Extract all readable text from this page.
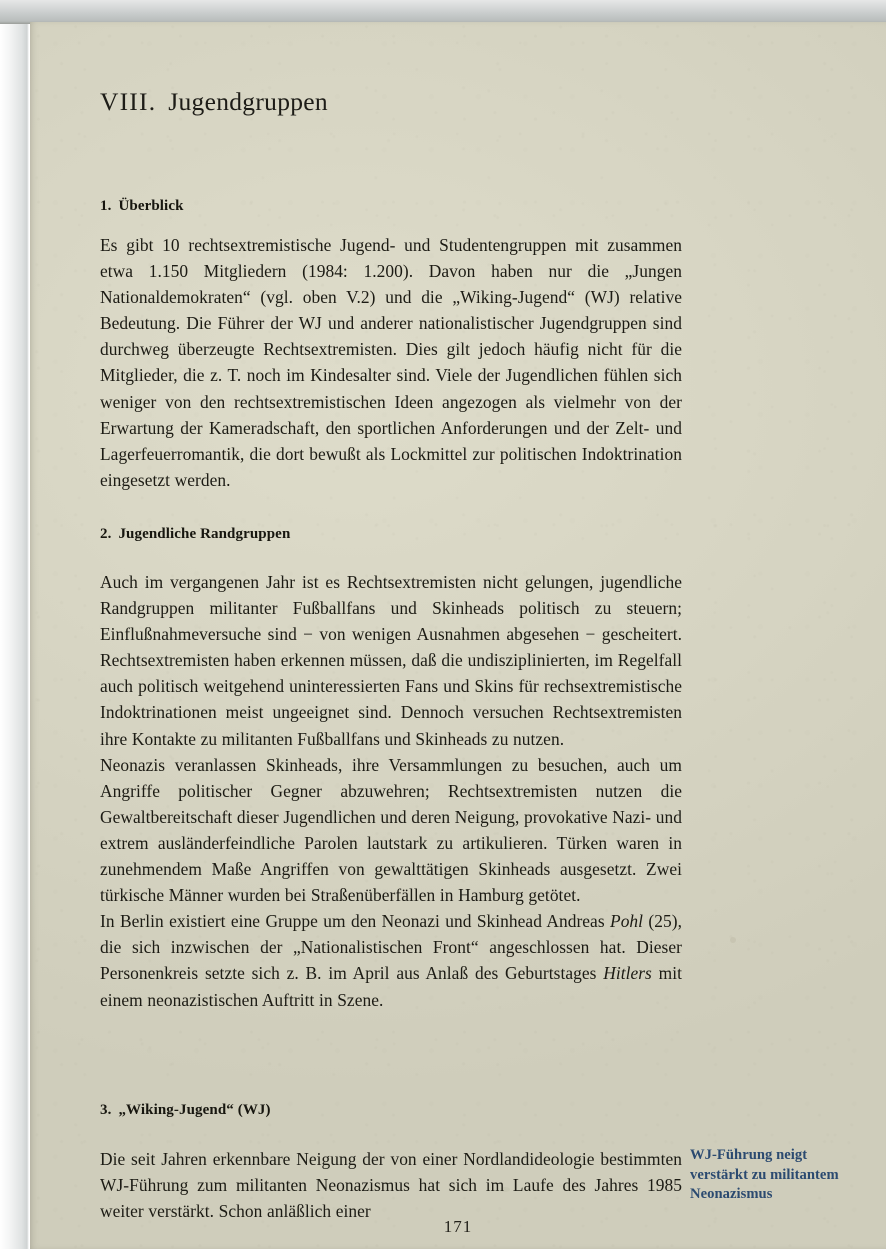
VIII. Jugendgruppen
1. Überblick

Es gibt 10 rechtsextremistische Jugend- und Studentengruppen mit zusammen etwa 1.150 Mitgliedern (1984: 1.200). Davon haben nur die „Jungen Nationaldemokraten“ (vgl. oben V.2) und die „Wiking-Jugend“ (WJ) relative Bedeutung. Die Führer der WJ und anderer nationalistischer Jugendgruppen sind durchweg überzeugte Rechtsextremisten. Dies gilt jedoch häufig nicht für die Mitglieder, die z. T. noch im Kindesalter sind. Viele der Jugendlichen fühlen sich weniger von den rechtsextremistischen Ideen angezogen als vielmehr von der Erwartung der Kameradschaft, den sportlichen Anforderungen und der Zelt- und Lagerfeuerromantik, die dort bewußt als Lockmittel zur politischen Indoktrination eingesetzt werden.

2. Jugendliche Randgruppen

Auch im vergangenen Jahr ist es Rechtsextremisten nicht gelungen, jugendliche Randgruppen militanter Fußballfans und Skinheads politisch zu steuern; Einflußnahmeversuche sind − von wenigen Ausnahmen abgesehen − gescheitert. Rechtsextremisten haben erkennen müssen, daß die undisziplinierten, im Regelfall auch politisch weitgehend uninteressierten Fans und Skins für rechsextremistische Indoktrinationen meist ungeeignet sind. Dennoch versuchen Rechtsextremisten ihre Kontakte zu militanten Fußballfans und Skinheads zu nutzen.

Neonazis veranlassen Skinheads, ihre Versammlungen zu besuchen, auch um Angriffe politischer Gegner abzuwehren; Rechtsextremisten nutzen die Gewaltbereitschaft dieser Jugendlichen und deren Neigung, provokative Nazi- und extrem ausländerfeindliche Parolen lautstark zu artikulieren. Türken waren in zunehmendem Maße Angriffen von gewalttätigen Skinheads ausgesetzt. Zwei türkische Männer wurden bei Straßenüberfällen in Hamburg getötet.

In Berlin existiert eine Gruppe um den Neonazi und Skinhead Andreas Pohl (25), die sich inzwischen der „Nationalistischen Front“ angeschlossen hat. Dieser Personenkreis setzte sich z. B. im April aus Anlaß des Geburtstages Hitlers mit einem neonazistischen Auftritt in Szene.

3. „Wiking-Jugend“ (WJ)

Die seit Jahren erkennbare Neigung der von einer Nordlandideologie bestimmten WJ-Führung zum militanten Neonazismus hat sich im Laufe des Jahres 1985 weiter verstärkt. Schon anläßlich einer

WJ-Führung neigt verstärkt zu militantem Neonazismus
171
